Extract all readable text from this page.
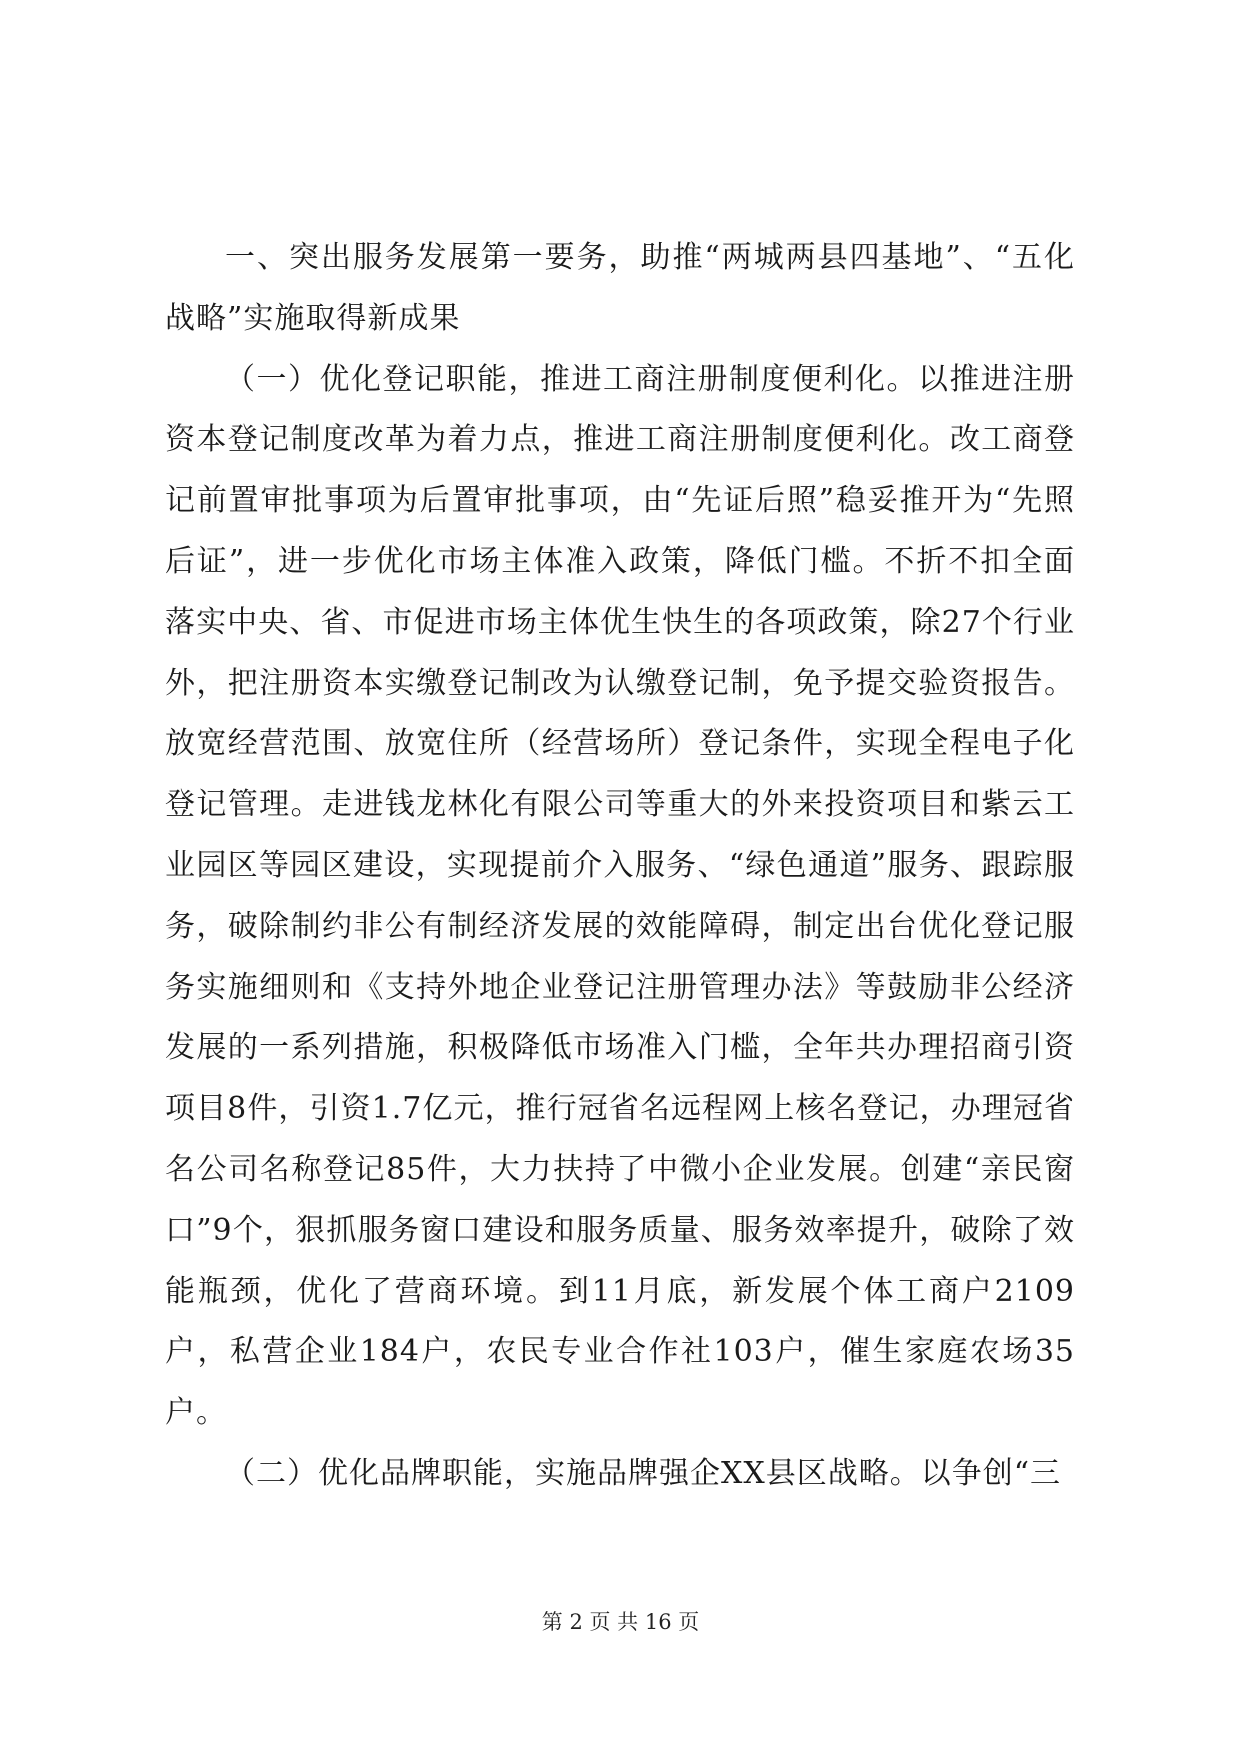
一、突出服务发展第一要务，助推“两城两县四基地”、“五化战略”实施取得新成果

（一）优化登记职能，推进工商注册制度便利化。以推进注册资本登记制度改革为着力点，推进工商注册制度便利化。改工商登记前置审批事项为后置审批事项，由“先证后照”稳妥推开为“先照后证”，进一步优化市场主体准入政策，降低门槛。不折不扣全面落实中央、省、市促进市场主体优生快生的各项政策，除27个行业外，把注册资本实缴登记制改为认缴登记制，免予提交验资报告。放宽经营范围、放宽住所（经营场所）登记条件，实现全程电子化登记管理。走进钱龙林化有限公司等重大的外来投资项目和紫云工业园区等园区建设，实现提前介入服务、“绿色通道”服务、跟踪服务，破除制约非公有制经济发展的效能障碍，制定出台优化登记服务实施细则和《支持外地企业登记注册管理办法》等鼓励非公经济发展的一系列措施，积极降低市场准入门槛，全年共办理招商引资项目8件，引资1.7亿元，推行冠省名远程网上核名登记，办理冠省名公司名称登记85件，大力扶持了中微小企业发展。创建“亲民窗口”9个，狠抓服务窗口建设和服务质量、服务效率提升，破除了效能瓶颈，优化了营商环境。到11月底，新发展个体工商户2109户，私营企业184户，农民专业合作社103户，催生家庭农场35户。

（二）优化品牌职能，实施品牌强企XX县区战略。以争创“三

第 2 页 共 16 页
